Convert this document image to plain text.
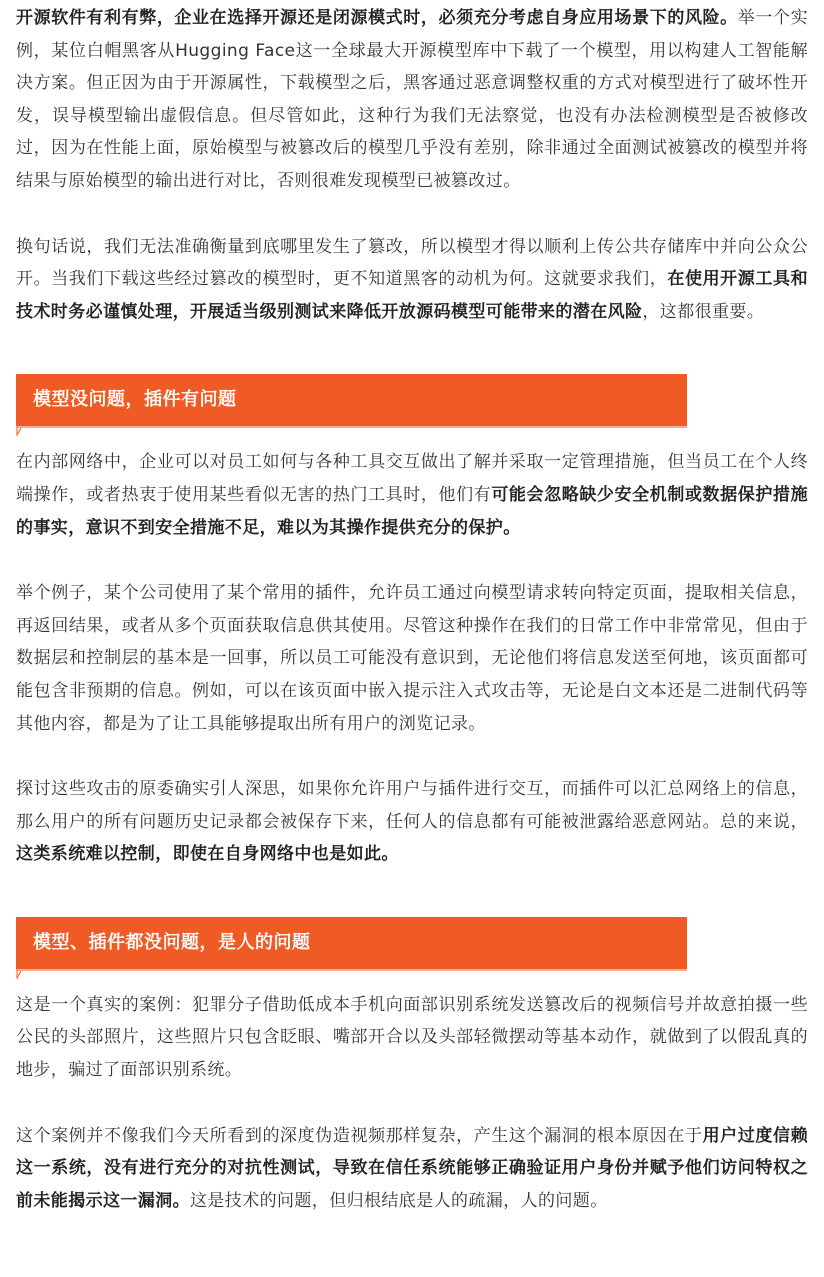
开源软件有利有弊，企业在选择开源还是闭源模式时，必须充分考虑自身应用场景下的风险。举一个实例，某位白帽黑客从Hugging Face这一全球最大开源模型库中下载了一个模型，用以构建人工智能解决方案。但正因为由于开源属性，下载模型之后，黑客通过恶意调整权重的方式对模型进行了破坏性开发，误导模型输出虚假信息。但尽管如此，这种行为我们无法察觉，也没有办法检测模型是否被修改过，因为在性能上面，原始模型与被篡改后的模型几乎没有差别，除非通过全面测试被篡改的模型并将结果与原始模型的输出进行对比，否则很难发现模型已被篡改过。

换句话说，我们无法准确衡量到底哪里发生了篡改，所以模型才得以顺利上传公共存储库中并向公众公开。当我们下载这些经过篡改的模型时，更不知道黑客的动机为何。这就要求我们，在使用开源工具和技术时务必谨慎处理，开展适当级别测试来降低开放源码模型可能带来的潜在风险，这都很重要。

模型没问题，插件有问题

在内部网络中，企业可以对员工如何与各种工具交互做出了解并采取一定管理措施，但当员工在个人终端操作，或者热衷于使用某些看似无害的热门工具时，他们有可能会忽略缺少安全机制或数据保护措施的事实，意识不到安全措施不足，难以为其操作提供充分的保护。

举个例子，某个公司使用了某个常用的插件，允许员工通过向模型请求转向特定页面，提取相关信息，再返回结果，或者从多个页面获取信息供其使用。尽管这种操作在我们的日常工作中非常常见，但由于数据层和控制层的基本是一回事，所以员工可能没有意识到，无论他们将信息发送至何地，该页面都可能包含非预期的信息。例如，可以在该页面中嵌入提示注入式攻击等，无论是白文本还是二进制代码等其他内容，都是为了让工具能够提取出所有用户的浏览记录。

探讨这些攻击的原委确实引人深思，如果你允许用户与插件进行交互，而插件可以汇总网络上的信息，那么用户的所有问题历史记录都会被保存下来，任何人的信息都有可能被泄露给恶意网站。总的来说，这类系统难以控制，即使在自身网络中也是如此。

模型、插件都没问题，是人的问题

这是一个真实的案例：犯罪分子借助低成本手机向面部识别系统发送篡改后的视频信号并故意拍摄一些公民的头部照片，这些照片只包含眨眼、嘴部开合以及头部轻微摆动等基本动作，就做到了以假乱真的地步，骗过了面部识别系统。

这个案例并不像我们今天所看到的深度伪造视频那样复杂，产生这个漏洞的根本原因在于用户过度信赖这一系统，没有进行充分的对抗性测试，导致在信任系统能够正确验证用户身份并赋予他们访问特权之前未能揭示这一漏洞。这是技术的问题，但归根结底是人的疏漏，人的问题。
